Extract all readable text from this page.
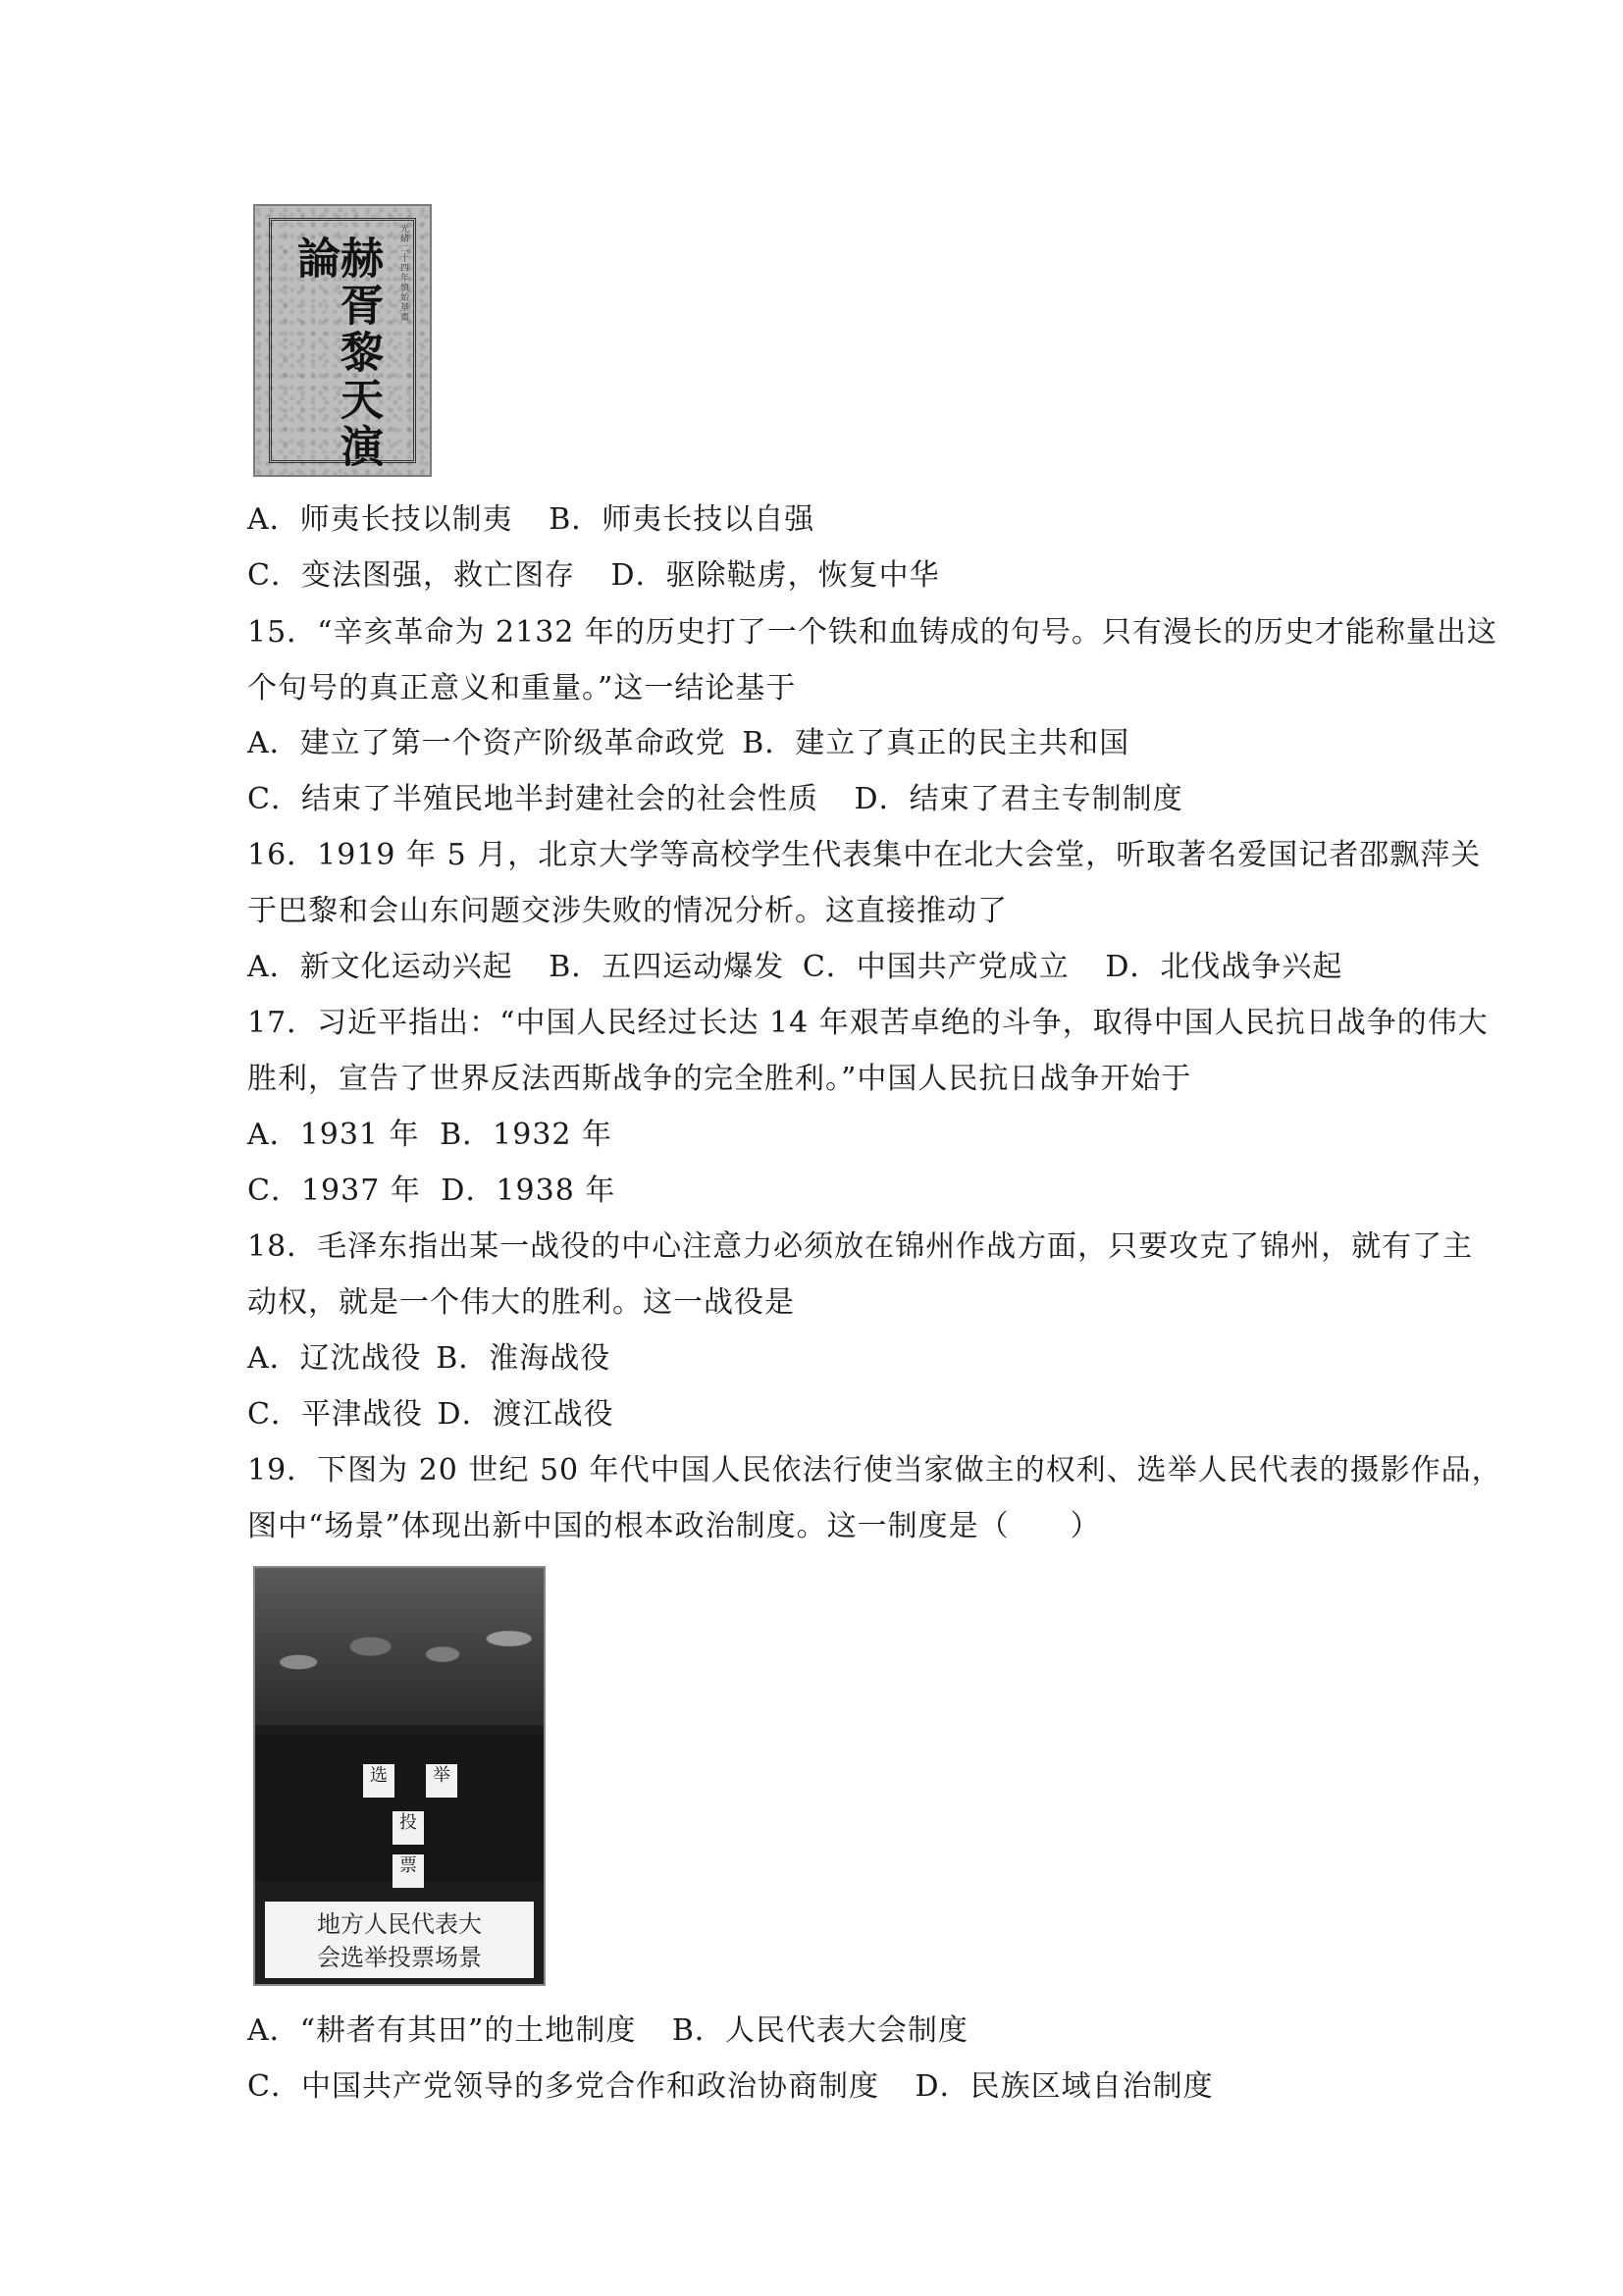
光緒二十四年慎始基齋
赫胥黎天演論
A．师夷长技以制夷 B．师夷长技以自强
C．变法图强，救亡图存 D．驱除鞑虏，恢复中华
15．“辛亥革命为 2132 年的历史打了一个铁和血铸成的句号。只有漫长的历史才能称量出这
个句号的真正意义和重量。”这一结论基于
A．建立了第一个资产阶级革命政党 B．建立了真正的民主共和国
C．结束了半殖民地半封建社会的社会性质 D．结束了君主专制制度
16．1919 年 5 月，北京大学等高校学生代表集中在北大会堂，听取著名爱国记者邵飘萍关
于巴黎和会山东问题交涉失败的情况分析。这直接推动了
A．新文化运动兴起 B．五四运动爆发 C．中国共产党成立 D．北伐战争兴起
17．习近平指出：“中国人民经过长达 14 年艰苦卓绝的斗争，取得中国人民抗日战争的伟大
胜利，宣告了世界反法西斯战争的完全胜利。”中国人民抗日战争开始于
A．1931 年 B．1932 年
C．1937 年 D．1938 年
18．毛泽东指出某一战役的中心注意力必须放在锦州作战方面，只要攻克了锦州，就有了主
动权，就是一个伟大的胜利。这一战役是
A．辽沈战役 B．淮海战役
C．平津战役 D．渡江战役
19．下图为 20 世纪 50 年代中国人民依法行使当家做主的权利、选举人民代表的摄影作品，
图中“场景”体现出新中国的根本政治制度。这一制度是（　　）
选	举
投
票
地方人民代表大
会选举投票场景
A．“耕者有其田”的土地制度 B．人民代表大会制度
C．中国共产党领导的多党合作和政治协商制度 D．民族区域自治制度
